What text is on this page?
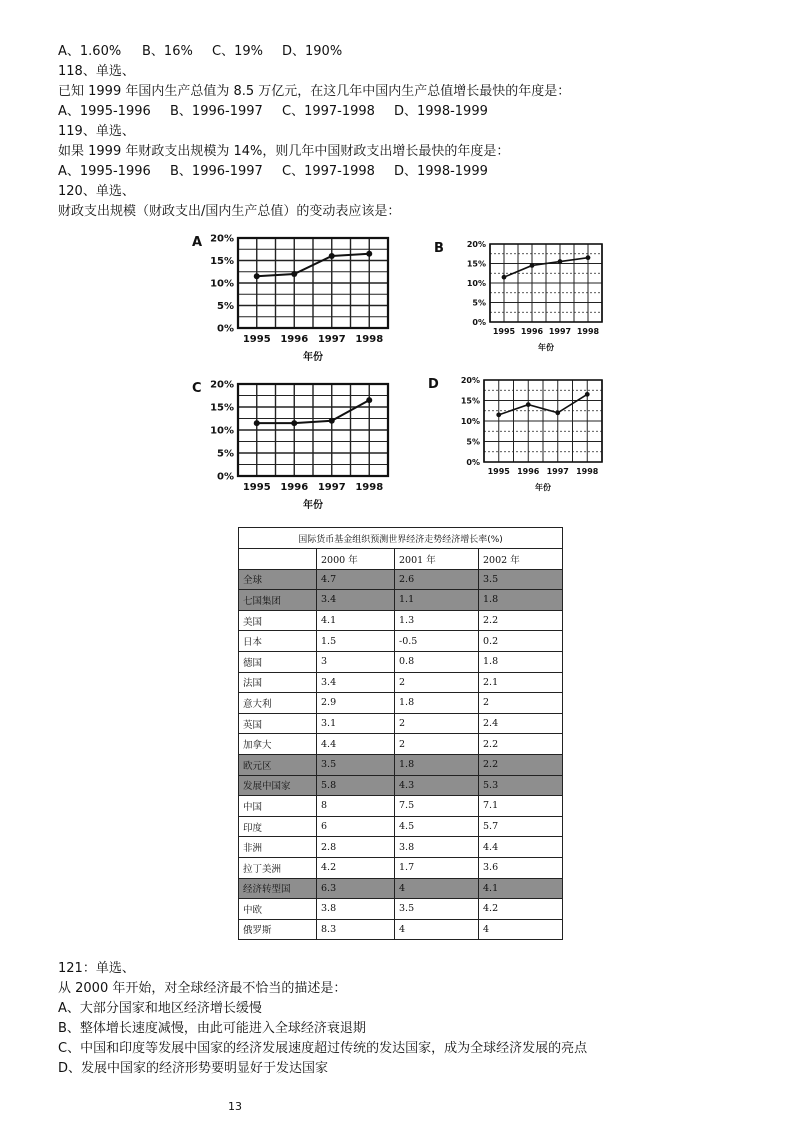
A、1.60% B、16% C、19% D、190%
118、单选、
已知 1999 年国内生产总值为 8.5 万亿元，在这几年中国内生产总值增长最快的年度是：
A、1995-1996 B、1996-1997 C、1997-1998 D、1998-1999
119、单选、
如果 1999 年财政支出规模为 14%，则几年中国财政支出增长最快的年度是：
A、1995-1996 B、1996-1997 C、1997-1998 D、1998-1999
120、单选、
财政支出规模（财政支出/国内生产总值）的变动表应该是：
A
0%
5%
10%
15%
20%
1995 1996 1997 1998
年份
B
0%
5%
10%
15%
20%
1995 1996 1997 1998
年份
C
0%
5%
10%
15%
20%
1995 1996 1997 1998
年份
D
0%
5%
10%
15%
20%
1995 1996 1997 1998
年份
国际货币基金组织预测世界经济走势经济增长率(%)			
	2000 年	2001 年	2002 年
全球	4.7	2.6	3.5
七国集团	3.4	1.1	1.8
美国	4.1	1.3	2.2
日本	1.5	-0.5	0.2
德国	3	0.8	1.8
法国	3.4	2	2.1
意大利	2.9	1.8	2
英国	3.1	2	2.4
加拿大	4.4	2	2.2
欧元区	3.5	1.8	2.2
发展中国家	5.8	4.3	5.3
中国	8	7.5	7.1
印度	6	4.5	5.7
非洲	2.8	3.8	4.4
拉丁美洲	4.2	1.7	3.6
经济转型国	6.3	4	4.1
中欧	3.8	3.5	4.2
俄罗斯	8.3	4	4
121：单选、
从 2000 年开始，对全球经济最不恰当的描述是：
A、大部分国家和地区经济增长缓慢
B、整体增长速度减慢，由此可能进入全球经济衰退期
C、中国和印度等发展中国家的经济发展速度超过传统的发达国家，成为全球经济发展的亮点
D、发展中国家的经济形势要明显好于发达国家
13
